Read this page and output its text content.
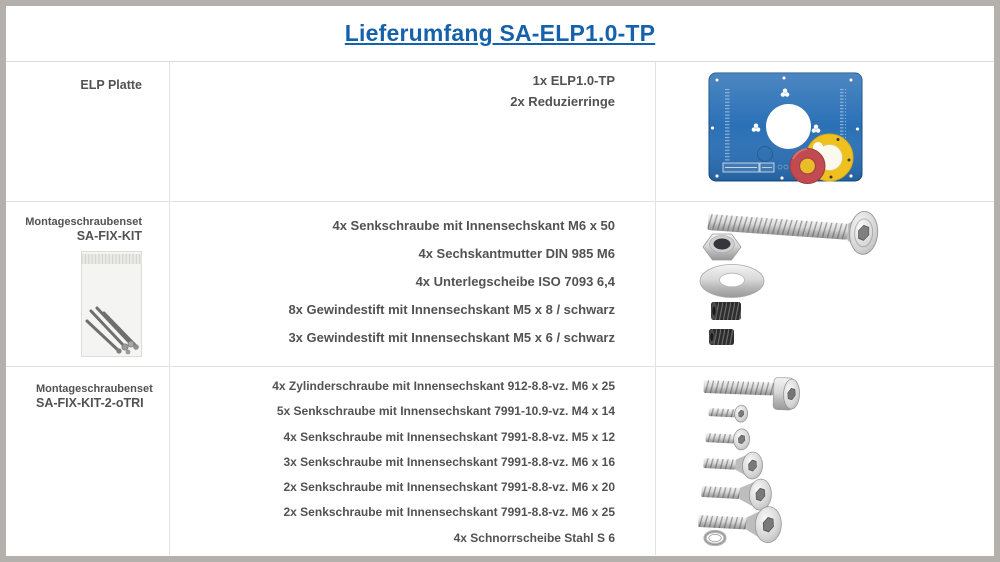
Lieferumfang SA-ELP1.0-TP
ELP Platte	1x ELP1.0-TP
2x Reduzierringe
Montageschraubenset
SA-FIX-KIT
4x Senkschraube mit Innensechskant M6 x 50
4x Sechskantmutter DIN 985 M6
4x Unterlegscheibe ISO 7093 6,4
8x Gewindestift mit Innensechskant M5 x 8 / schwarz
3x Gewindestift mit Innensechskant M5 x 6 / schwarz
Montageschraubenset
SA-FIX-KIT-2-oTRI
4x Zylinderschraube mit Innensechskant 912-8.8-vz. M6 x 25
5x Senkschraube mit Innensechskant 7991-10.9-vz. M4 x 14
4x Senkschraube mit Innensechskant 7991-8.8-vz. M5 x 12
3x Senkschraube mit Innensechskant 7991-8.8-vz. M6 x 16
2x Senkschraube mit Innensechskant 7991-8.8-vz. M6 x 20
2x Senkschraube mit Innensechskant 7991-8.8-vz. M6 x 25
4x Schnorrscheibe Stahl S 6
